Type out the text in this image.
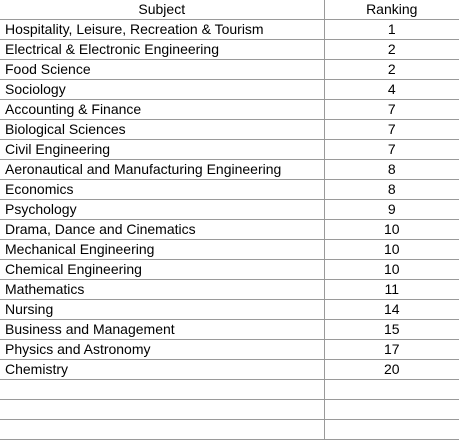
Subject	Ranking
Hospitality, Leisure, Recreation & Tourism	1
Electrical & Electronic Engineering	2
Food Science	2
Sociology	4
Accounting & Finance	7
Biological Sciences	7
Civil Engineering	7
Aeronautical and Manufacturing Engineering	8
Economics	8
Psychology	9
Drama, Dance and Cinematics	10
Mechanical Engineering	10
Chemical Engineering	10
Mathematics	11
Nursing	14
Business and Management	15
Physics and Astronomy	17
Chemistry	20
